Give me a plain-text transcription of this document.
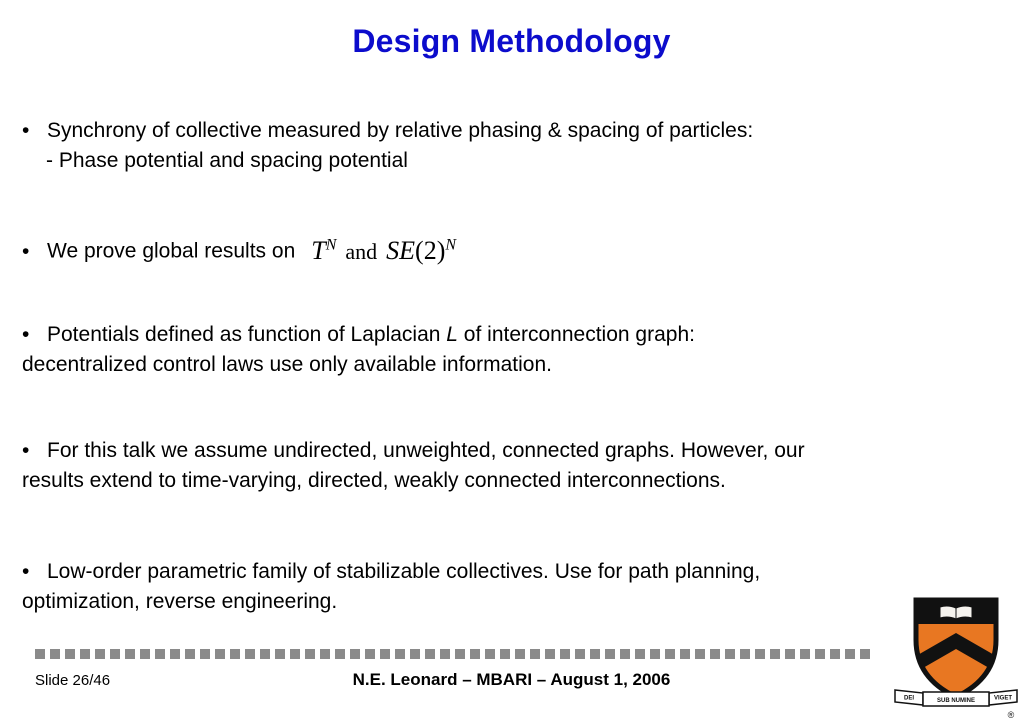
Design Methodology
• Synchrony of collective measured by relative phasing & spacing of particles:
- Phase potential and spacing potential
• We prove global results on $T^N$ and $SE(2)^N$
• Potentials defined as function of Laplacian L of interconnection graph:
decentralized control laws use only available information.
• For this talk we assume undirected, unweighted, connected graphs. However, our
results extend to time-varying, directed, weakly connected interconnections.
• Low-order parametric family of stabilizable collectives. Use for path planning,
optimization, reverse engineering.
Slide 26/46	N.E. Leonard – MBARI – August 1, 2006
DEI	SUB NUMINE	VIGET
®
